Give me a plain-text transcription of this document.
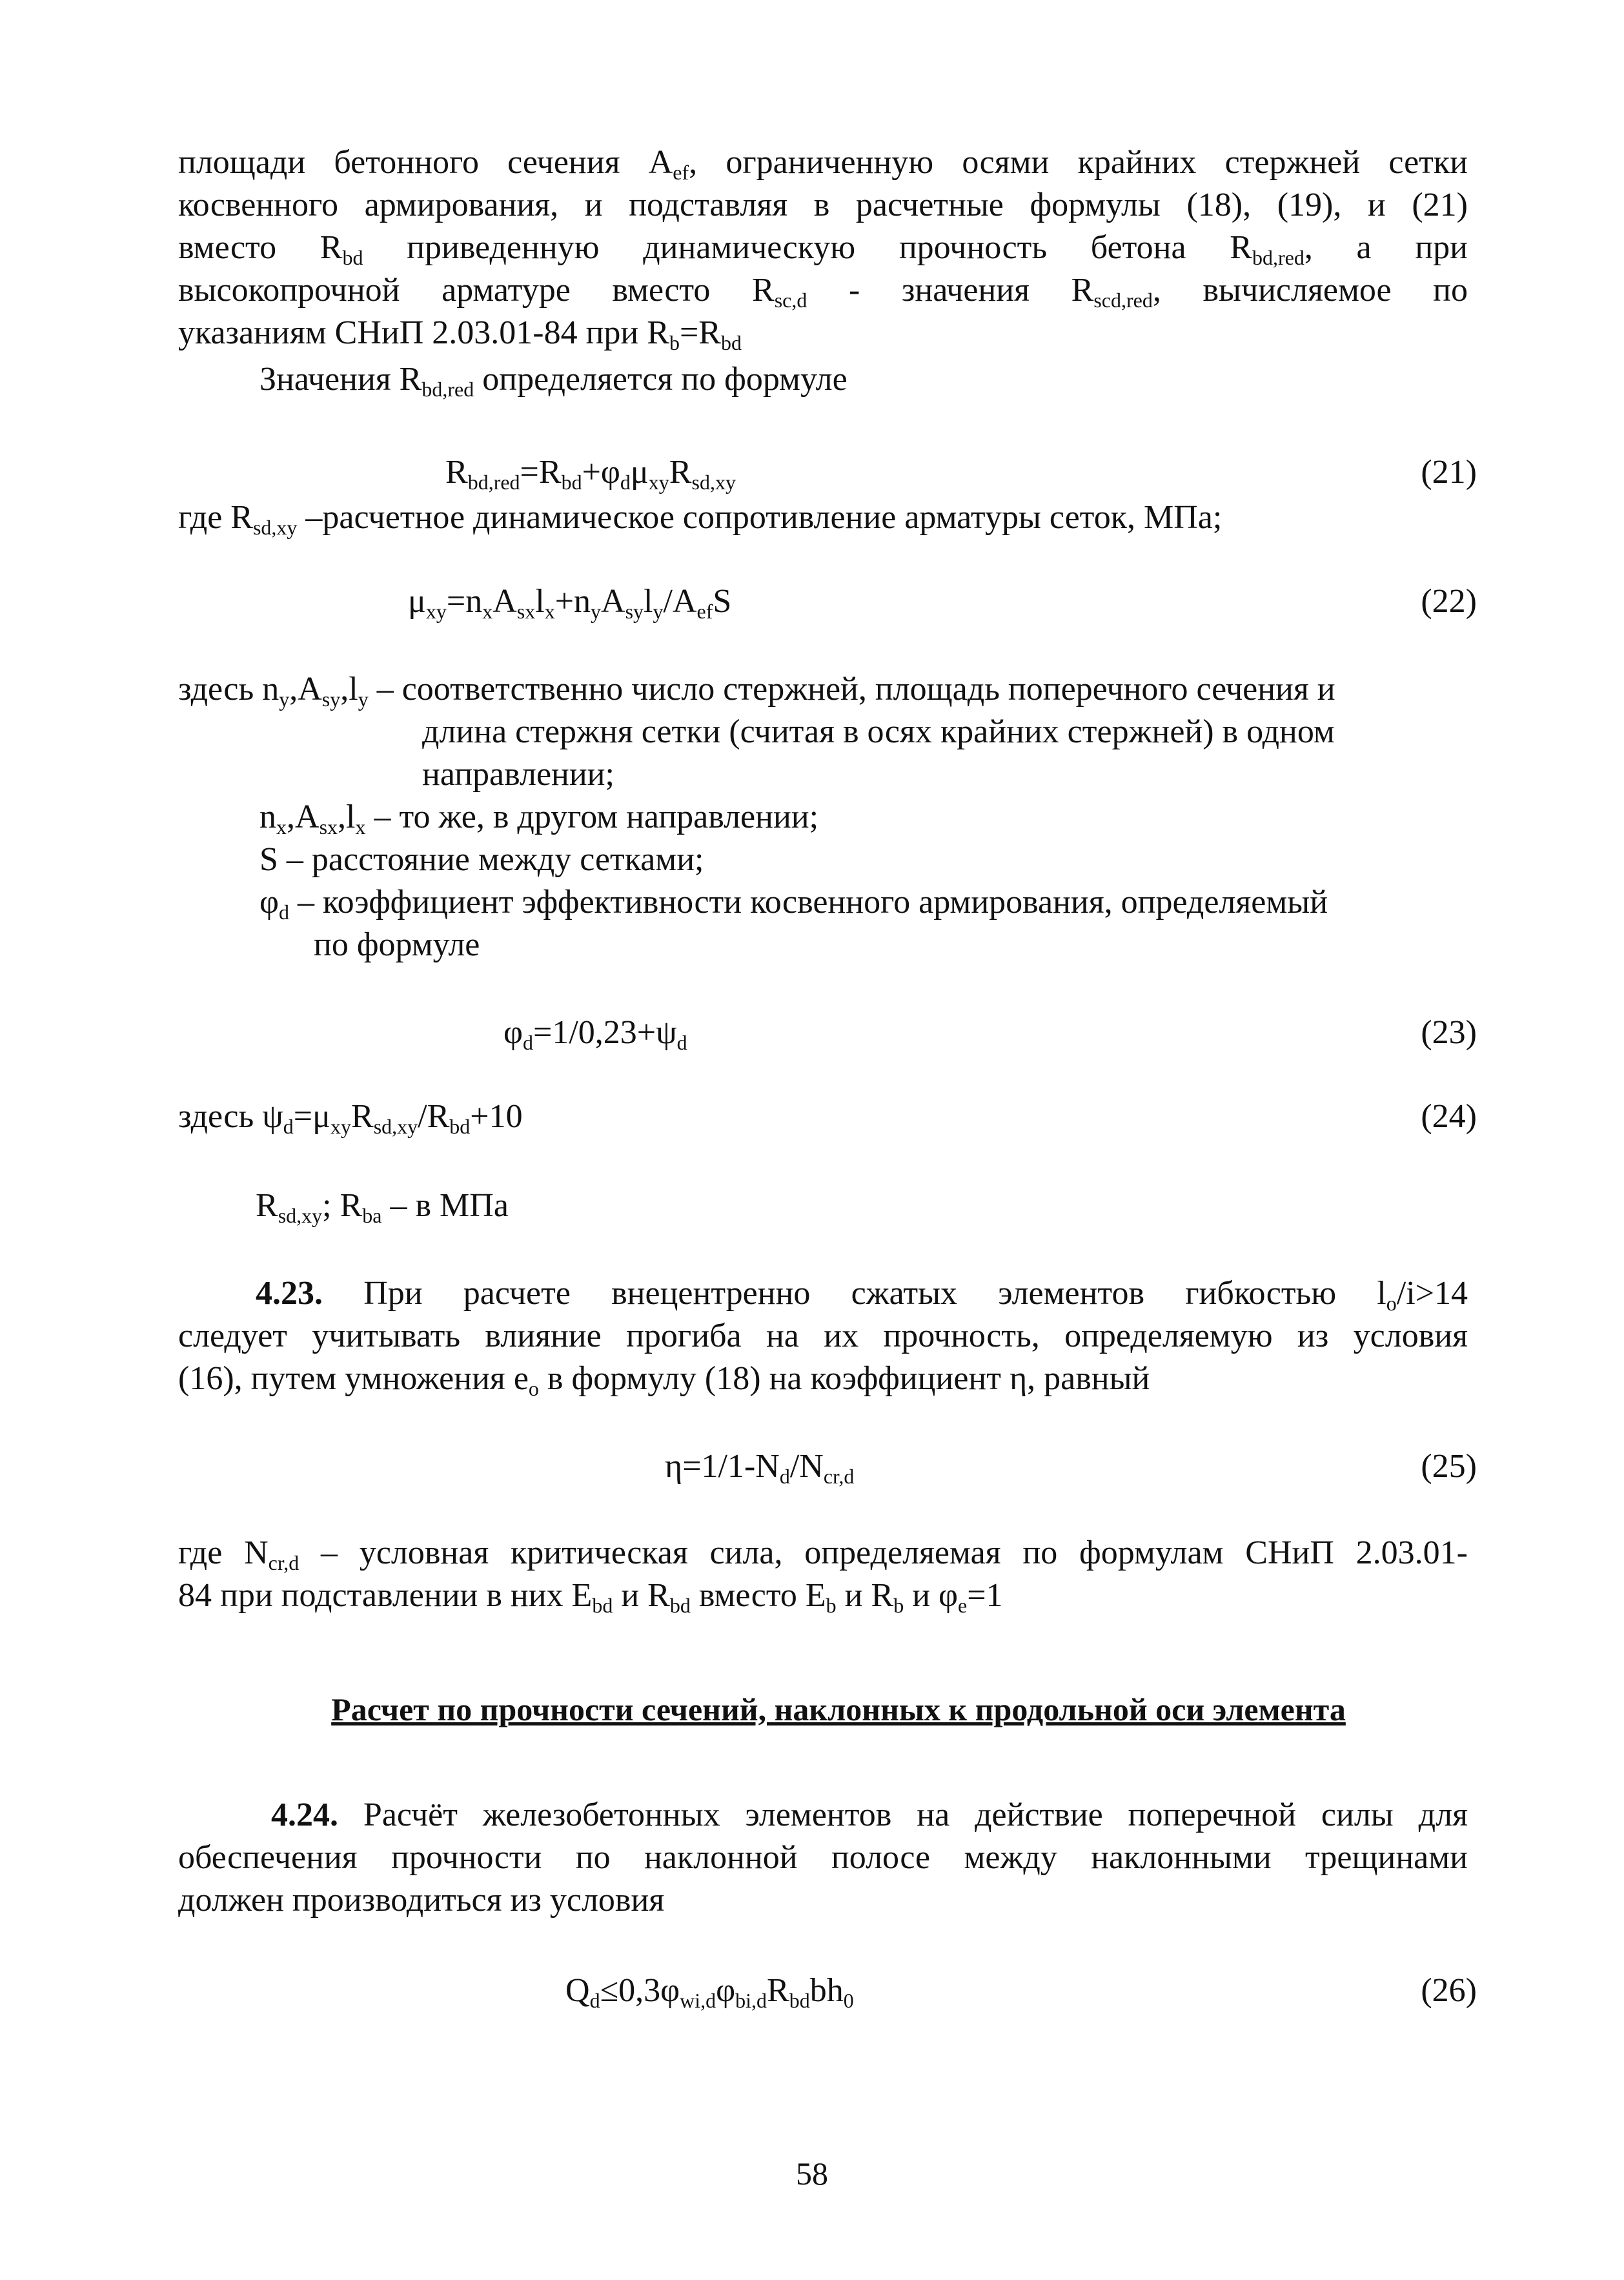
площади бетонного сечения $A_{ef}$, ограниченную осями крайних стержней сетки
косвенного армирования, и подставляя в расчетные формулы (18), (19), и (21)
вместо $R_{bd}$ приведенную динамическую прочность бетона $R_{bd,red}$, а при
высокопрочной арматуре вместо $R_{sc,d}$ - значения $R_{scd,red}$, вычисляемое по
указаниям СНиП 2.03.01-84 при $R_b=R_{bd}$
Значения $R_{bd,red}$ определяется по формуле
$R_{bd,red}=R_{bd}+\varphi_d\mu_{xy}R_{sd,xy}$	(21)
где $R_{sd,xy}$ –расчетное динамическое сопротивление арматуры сеток, МПа;
$\mu_{xy}=n_xA_{sx}l_x+n_yA_{sy}l_y/A_{ef}S$	(22)
здесь $n_y,A_{sy},l_y$ – соответственно число стержней, площадь поперечного сечения и
длина стержня сетки (считая в осях крайних стержней) в одном
направлении;
$n_x,A_{sx},l_x$ – то же, в другом направлении;
S – расстояние между сетками;
$\varphi_d$ – коэффициент эффективности косвенного армирования, определяемый
по формуле
$\varphi_d=1/0,23+\psi_d$	(23)
здесь $\psi_d=\mu_{xy}R_{sd,xy}/R_{bd}+10$	(24)
$R_{sd,xy}$; $R_{ba}$ – в МПа
4.23. При расчете внецентренно сжатых элементов гибкостью $l_o/i>14$
следует учитывать влияние прогиба на их прочность, определяемую из условия
(16), путем умножения $e_o$ в формулу (18) на коэффициент η, равный
$\eta=1/1-N_d/N_{cr,d}$	(25)
где $N_{cr,d}$ – условная критическая сила, определяемая по формулам СНиП 2.03.01-
84 при подставлении в них $E_{bd}$ и $R_{bd}$ вместо $E_b$ и $R_b$ и $\varphi_e=1$
Расчет по прочности сечений, наклонных к продольной оси элемента
4.24. Расчёт железобетонных элементов на действие поперечной силы для
обеспечения прочности по наклонной полосе между наклонными трещинами
должен производиться из условия
$Q_d\le 0,3\varphi_{wi,d}\varphi_{bi,d}R_{bd}bh_0$	(26)
58
